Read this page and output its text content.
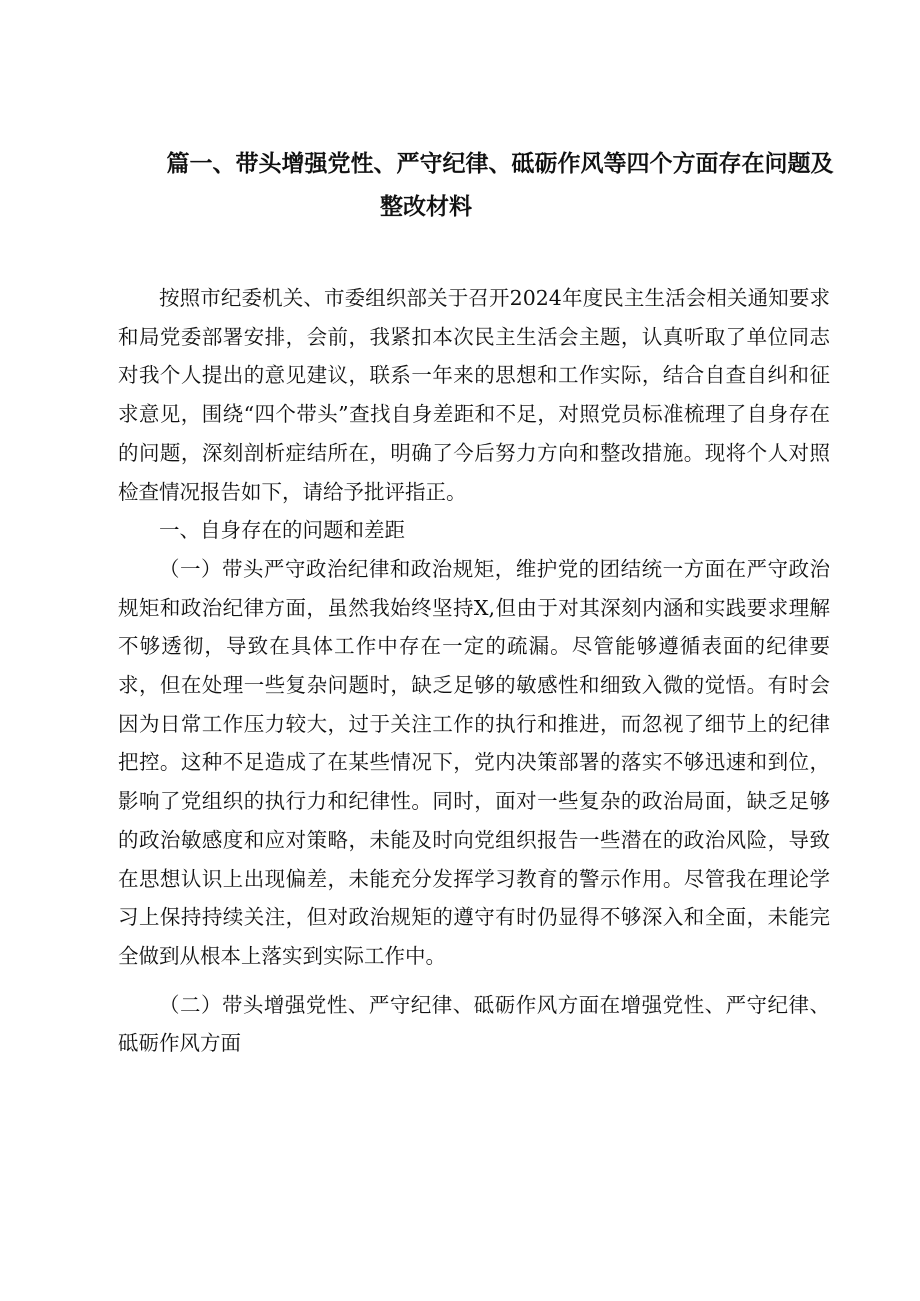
篇一、带头增强党性、严守纪律、砥砺作风等四个方面存在问题及
整改材料

按照市纪委机关、市委组织部关于召开2024年度民主生活会相关通知要求和局党委部署安排，会前，我紧扣本次民主生活会主题，认真听取了单位同志对我个人提出的意见建议，联系一年来的思想和工作实际，结合自查自纠和征求意见，围绕“四个带头”查找自身差距和不足，对照党员标准梳理了自身存在的问题，深刻剖析症结所在，明确了今后努力方向和整改措施。现将个人对照检查情况报告如下，请给予批评指正。

一、自身存在的问题和差距

（一）带头严守政治纪律和政治规矩，维护党的团结统一方面在严守政治规矩和政治纪律方面，虽然我始终坚持X,但由于对其深刻内涵和实践要求理解不够透彻，导致在具体工作中存在一定的疏漏。尽管能够遵循表面的纪律要求，但在处理一些复杂问题时，缺乏足够的敏感性和细致入微的觉悟。有时会因为日常工作压力较大，过于关注工作的执行和推进，而忽视了细节上的纪律把控。这种不足造成了在某些情况下，党内决策部署的落实不够迅速和到位，影响了党组织的执行力和纪律性。同时，面对一些复杂的政治局面，缺乏足够的政治敏感度和应对策略，未能及时向党组织报告一些潜在的政治风险，导致在思想认识上出现偏差，未能充分发挥学习教育的警示作用。尽管我在理论学习上保持持续关注，但对政治规矩的遵守有时仍显得不够深入和全面，未能完全做到从根本上落实到实际工作中。

（二）带头增强党性、严守纪律、砥砺作风方面在增强党性、严守纪律、砥砺作风方面
